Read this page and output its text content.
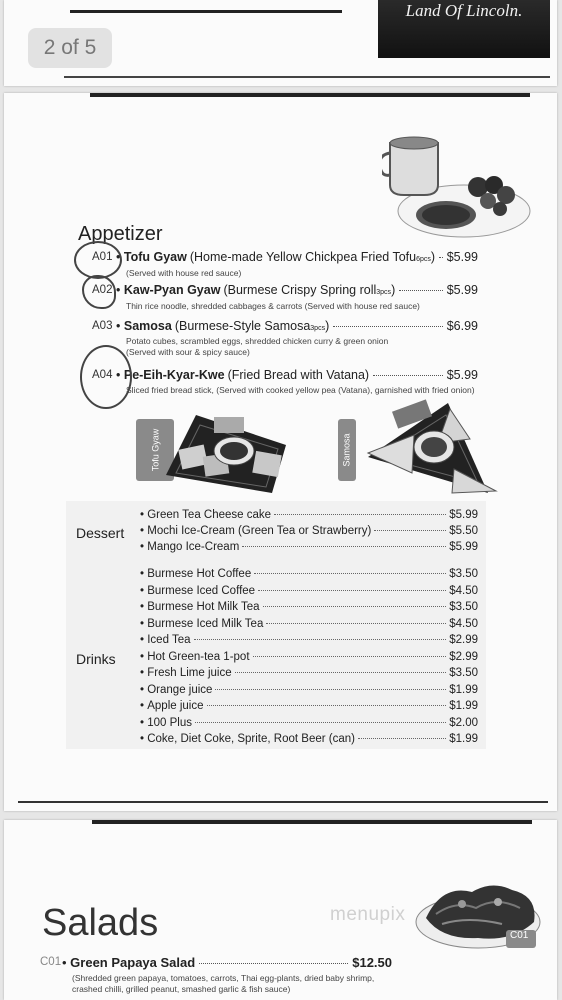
Land Of Lincoln.
2 of 5
Appetizer
A01 • Tofu Gyaw (Home-made Yellow Chickpea Fried Tofu$_{6pcs}$ ) $5.99
(Served with house red sauce)
A02 • Kaw-Pyan Gyaw (Burmese Crispy Spring roll$_{3pcs}$ )	$5.99
Thin rice noodle, shredded cabbages & carrots (Served with house red sauce)
A03 • Samosa (Burmese-Style Samosa$_{3pcs}$ )	$6.99
Potato cubes, scrambled eggs, shredded chicken curry & green onion
(Served with sour & spicy sauce)
A04 • Pe-Eih-Kyar-Kwe (Fried Bread with Vatana)	$5.99
Sliced fried bread stick, (Served with cooked yellow pea (Vatana), garnished with fried onion)
Tofu Gyaw	Samosa
Dessert
• Green Tea Cheese cake	$5.99
• Mochi Ice-Cream (Green Tea or Strawberry)	$5.50
• Mango Ice-Cream	$5.99
Drinks
• Burmese Hot Coffee	$3.50
• Burmese Iced Coffee	$4.50
• Burmese Hot Milk Tea	$3.50
• Burmese Iced Milk Tea	$4.50
• Iced Tea	$2.99
• Hot Green-tea 1-pot	$2.99
• Fresh Lime juice	$3.50
• Orange juice	$1.99
• Apple juice	$1.99
• 100 Plus	$2.00
• Coke, Diet Coke, Sprite, Root Beer (can)	$1.99
Salads	menupix
C01
C01 • Green Papaya Salad	$12.50
(Shredded green papaya, tomatoes, carrots, Thai egg-plants, dried baby shrimp,
crashed chilli, grilled peanut, smashed garlic & fish sauce)
